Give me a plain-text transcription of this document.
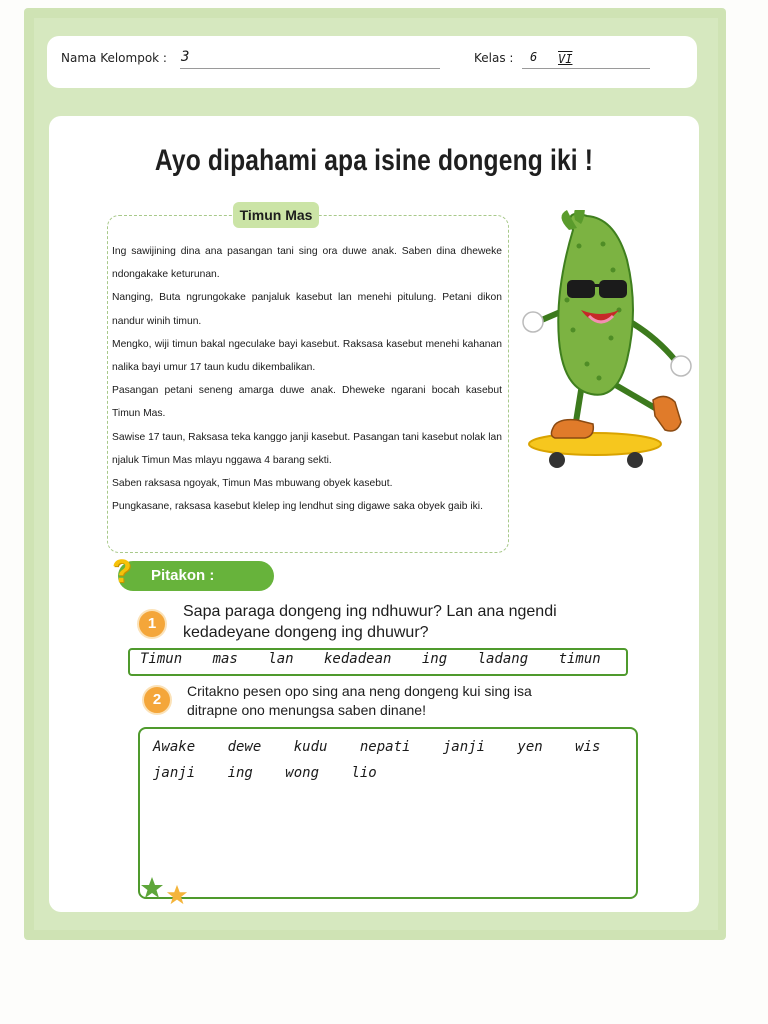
Nama Kelompok : 3	Kelas : 6 VI
Ayo dipahami apa isine dongeng iki !
Timun Mas

Ing sawijining dina ana pasangan tani sing ora duwe anak. Saben dina dheweke ndongakake keturunan.

Nanging, Buta ngrungokake panjaluk kasebut lan menehi pitulung. Petani dikon nandur winih timun.

Mengko, wiji timun bakal ngeculake bayi kasebut. Raksasa kasebut menehi kahanan nalika bayi umur 17 taun kudu dikembalikan.

Pasangan petani seneng amarga duwe anak. Dheweke ngarani bocah kasebut Timun Mas.

Sawise 17 taun, Raksasa teka kanggo janji kasebut. Pasangan tani kasebut nolak lan njaluk Timun Mas mlayu nggawa 4 barang sekti.

Saben raksasa ngoyak, Timun Mas mbuwang obyek kasebut.

Pungkasane, raksasa kasebut klelep ing lendhut sing digawe saka obyek gaib iki.

? Pitakon :
1
Sapa paraga dongeng ing ndhuwur? Lan ana ngendi
kedadeyane dongeng ing dhuwur?
Timun mas lan kedadean ing ladang timun
2	Critakno pesen opo sing ana neng dongeng kui sing isa
ditrapne ono menungsa saben dinane!
Awake dewe kudu nepati janji yen wis
janji ing wong lio
